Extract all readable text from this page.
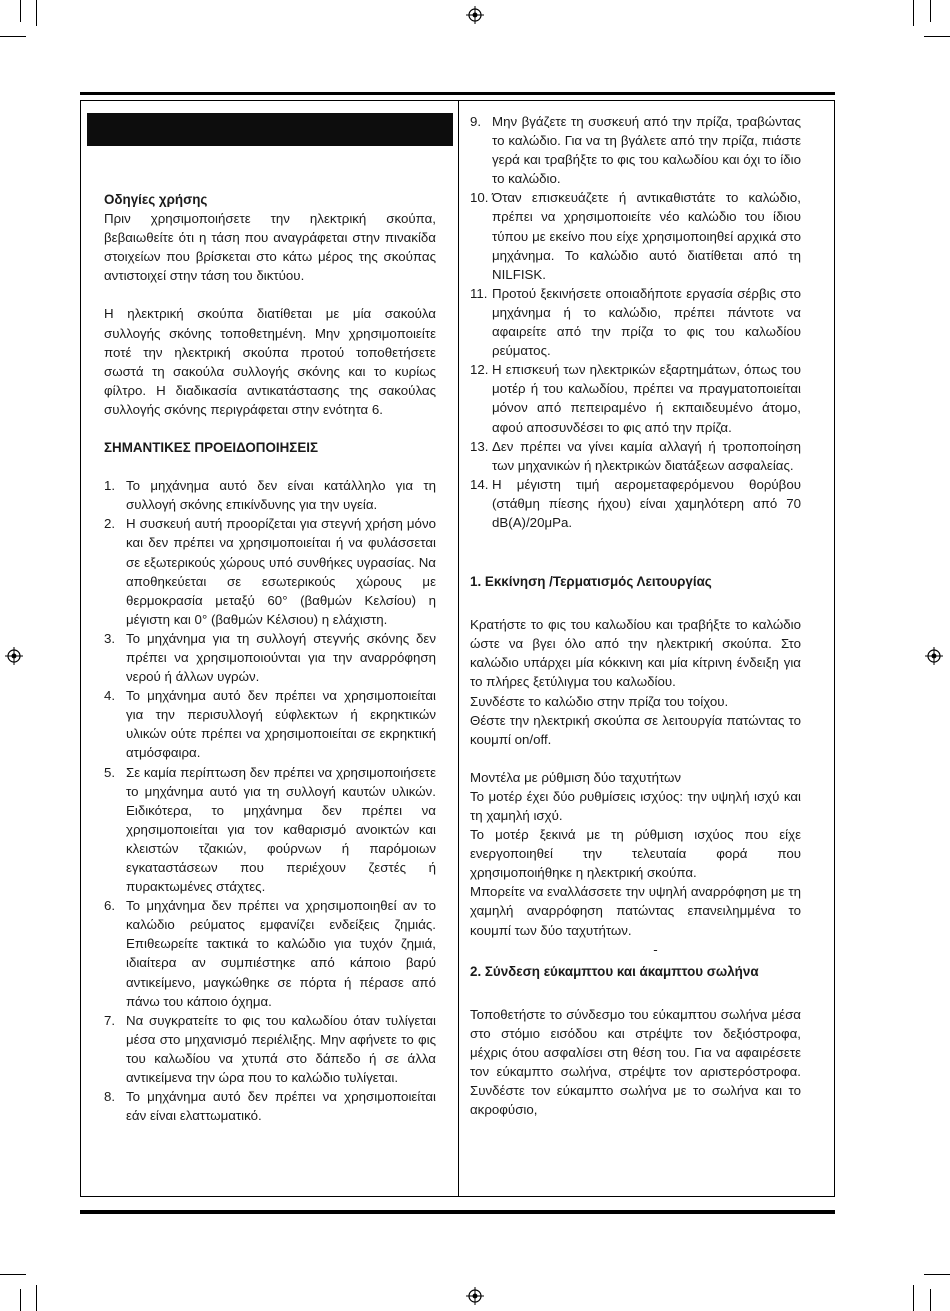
Οδηγίες χρήσης

Πριν χρησιμοποιήσετε την ηλεκτρική σκούπα, βεβαιωθείτε ότι η τάση που αναγράφεται στην πινακίδα στοιχείων που βρίσκεται στο κάτω μέρος της σκούπας αντιστοιχεί στην τάση του δικτύου.

Η ηλεκτρική σκούπα διατίθεται με μία σακούλα συλλογής σκόνης τοποθετημένη. Μην χρησιμοποιείτε ποτέ την ηλεκτρική σκούπα προτού τοποθετήσετε σωστά τη σακούλα συλλογής σκόνης και το κυρίως φίλτρο. Η διαδικασία αντικατάστασης της σακούλας συλλογής σκόνης περιγράφεται στην ενότητα 6.

ΣΗΜΑΝΤΙΚΕΣ ΠΡΟΕΙΔΟΠΟΙΗΣΕΙΣ
1. Το μηχάνημα αυτό δεν είναι κατάλληλο για τη συλλογή σκόνης επικίνδυνης για την υγεία.
2. Η συσκευή αυτή προορίζεται για στεγνή χρήση μόνο και δεν πρέπει να χρησιμοποιείται ή να φυλάσσεται σε εξωτερικούς χώρους υπό συνθήκες υγρασίας. Να αποθηκεύεται σε εσωτερικούς χώρους με θερμοκρασία μεταξύ 60° (βαθμών Κελσίου) η μέγιστη και 0° (βαθμών Κέλσιου) η ελάχιστη.
3. Το μηχάνημα για τη συλλογή στεγνής σκόνης δεν πρέπει να χρησιμοποιούνται για την αναρρόφηση νερού ή άλλων υγρών.
4. Το μηχάνημα αυτό δεν πρέπει να χρησιμοποιείται για την περισυλλογή εύφλεκτων ή εκρηκτικών υλικών ούτε πρέπει να χρησιμοποιείται σε εκρηκτική ατμόσφαιρα.
5. Σε καμία περίπτωση δεν πρέπει να χρησιμοποιήσετε το μηχάνημα αυτό για τη συλλογή καυτών υλικών. Ειδικότερα, το μηχάνημα δεν πρέπει να χρησιμοποιείται για τον καθαρισμό ανοικτών και κλειστών τζακιών, φούρνων ή παρόμοιων εγκαταστάσεων που περιέχουν ζεστές ή πυρακτωμένες στάχτες.
6. Το μηχάνημα δεν πρέπει να χρησιμοποιηθεί αν το καλώδιο ρεύματος εμφανίζει ενδείξεις ζημιάς. Επιθεωρείτε τακτικά το καλώδιο για τυχόν ζημιά, ιδιαίτερα αν συμπιέστηκε από κάποιο βαρύ αντικείμενο, μαγκώθηκε σε πόρτα ή πέρασε από πάνω του κάποιο όχημα.
7. Να συγκρατείτε το φις του καλωδίου όταν τυλίγεται μέσα στο μηχανισμό περιέλιξης. Μην αφήνετε το φις του καλωδίου να χτυπά στο δάπεδο ή σε άλλα αντικείμενα την ώρα που το καλώδιο τυλίγεται.
8. Το μηχάνημα αυτό δεν πρέπει να χρησιμοποιείται εάν είναι ελαττωματικό.
9. Μην βγάζετε τη συσκευή από την πρίζα, τραβώντας το καλώδιο. Για να τη βγάλετε από την πρίζα, πιάστε γερά και τραβήξτε το φις του καλωδίου και όχι το ίδιο το καλώδιο.
10. Όταν επισκευάζετε ή αντικαθιστάτε το καλώδιο, πρέπει να χρησιμοποιείτε νέο καλώδιο του ίδιου τύπου με εκείνο που είχε χρησιμοποιηθεί αρχικά στο μηχάνημα. Το καλώδιο αυτό διατίθεται από τη NILFISK.
11. Προτού ξεκινήσετε οποιαδήποτε εργασία σέρβις στο μηχάνημα ή το καλώδιο, πρέπει πάντοτε να αφαιρείτε από την πρίζα το φις του καλωδίου ρεύματος.
12. Η επισκευή των ηλεκτρικών εξαρτημάτων, όπως του μοτέρ ή του καλωδίου, πρέπει να πραγματοποιείται μόνον από πεπειραμένο ή εκπαιδευμένο άτομο, αφού αποσυνδέσει το φις από την πρίζα.
13. Δεν πρέπει να γίνει καμία αλλαγή ή τροποποίηση των μηχανικών ή ηλεκτρικών διατάξεων ασφαλείας.
14. Η μέγιστη τιμή αερομεταφερόμενου θορύβου (στάθμη πίεσης ήχου) είναι χαμηλότερη από 70 dB(A)/20μPa.
1. Εκκίνηση /Τερματισμός Λειτουργίας

Κρατήστε το φις του καλωδίου και τραβήξτε το καλώδιο ώστε να βγει όλο από την ηλεκτρική σκούπα. Στο καλώδιο υπάρχει μία κόκκινη και μία κίτρινη ένδειξη για το πλήρες ξετύλιγμα του καλωδίου.

Συνδέστε το καλώδιο στην πρίζα του τοίχου.

Θέστε την ηλεκτρική σκούπα σε λειτουργία πατώντας το κουμπί on/off.

Μοντέλα με ρύθμιση δύο ταχυτήτων

Το μοτέρ έχει δύο ρυθμίσεις ισχύος: την υψηλή ισχύ και τη χαμηλή ισχύ.

Το μοτέρ ξεκινά με τη ρύθμιση ισχύος που είχε ενεργοποιηθεί την τελευταία φορά που χρησιμοποιήθηκε η ηλεκτρική σκούπα.

Μπορείτε να εναλλάσσετε την υψηλή αναρρόφηση με τη χαμηλή αναρρόφηση πατώντας επανειλημμένα το κουμπί των δύο ταχυτήτων.

-
2. Σύνδεση εύκαμπτου και άκαμπτου σωλήνα

Τοποθετήστε το σύνδεσμο του εύκαμπτου σωλήνα μέσα στο στόμιο εισόδου και στρέψτε τον δεξιόστροφα, μέχρις ότου ασφαλίσει στη θέση του. Για να αφαιρέσετε τον εύκαμπτο σωλήνα, στρέψτε τον αριστερόστροφα. Συνδέστε τον εύκαμπτο σωλήνα με το σωλήνα και το ακροφύσιο,
